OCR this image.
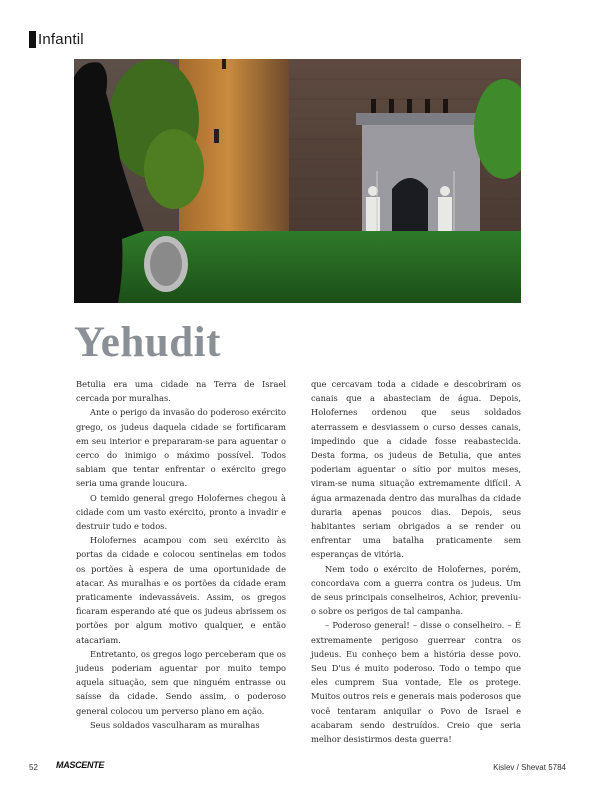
Infantil
Yehudit

Betulia era uma cidade na Terra de Israel cercada por muralhas.

Ante o perigo da invasão do poderoso exército grego, os judeus daquela cidade se fortificaram em seu interior e prepararam-se para aguentar o cerco do inimigo o máximo possível. Todos sabiam que tentar enfrentar o exército grego seria uma grande loucura.

O temido general grego Holofernes chegou à cidade com um vasto exército, pronto a invadir e destruir tudo e todos.

Holofernes acampou com seu exército às portas da cidade e colocou sentinelas em todos os portões à espera de uma oportunidade de atacar. As muralhas e os portões da cidade eram praticamente indevassáveis. Assim, os gregos ficaram esperando até que os judeus abrissem os portões por algum motivo qualquer, e então atacariam.

Entretanto, os gregos logo perceberam que os judeus poderiam aguentar por muito tempo aquela situação, sem que ninguém entrasse ou saísse da cidade. Sendo assim, o poderoso general colocou um perverso plano em ação.

Seus soldados vasculharam as muralhas

que cercavam toda a cidade e descobriram os canais que a abasteciam de água. Depois, Holofernes ordenou que seus soldados aterrassem e desviassem o curso desses canais, impedindo que a cidade fosse reabastecida. Desta forma, os judeus de Betulia, que antes poderiam aguentar o sítio por muitos meses, viram-se numa situação extremamente difícil. A água armazenada dentro das muralhas da cidade duraria apenas poucos dias. Depois, seus habitantes seriam obrigados a se render ou enfrentar uma batalha praticamente sem esperanças de vitória.

Nem todo o exército de Holofernes, porém, concordava com a guerra contra os judeus. Um de seus principais conselheiros, Achior, preveniu-o sobre os perigos de tal campanha.

– Poderoso general! – disse o conselheiro. – É extremamente perigoso guerrear contra os judeus. Eu conheço bem a história desse povo. Seu D'us é muito poderoso. Todo o tempo que eles cumprem Sua vontade, Ele os protege. Muitos outros reis e generais mais poderosos que você tentaram aniquilar o Povo de Israel e acabaram sendo destruídos. Creio que seria melhor desistirmos desta guerra!

52 MASCENTE	Kislev / Shevat 5784
